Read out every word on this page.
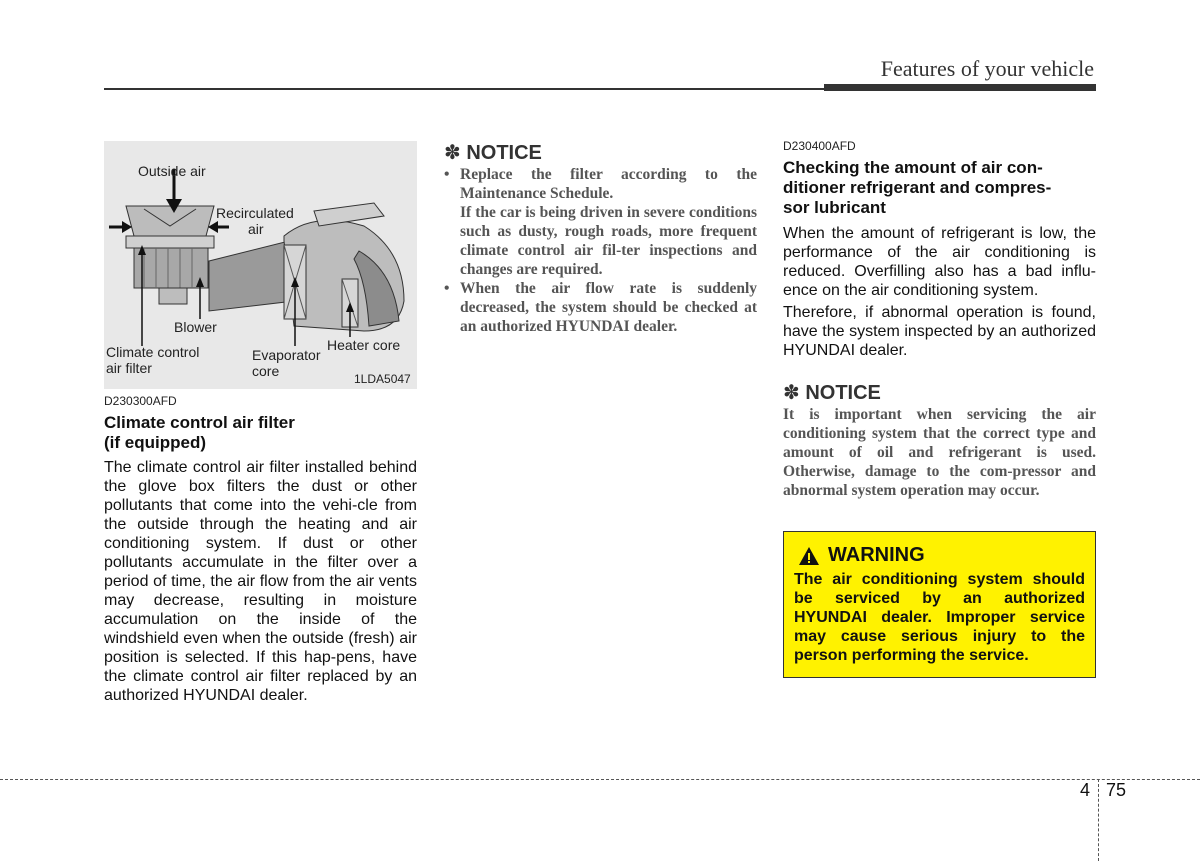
Features of your vehicle
Outside air
Recirculated
air
Blower
Climate control
air filter
Evaporator
core
Heater core
1LDA5047
D230300AFD
Climate control air filter
(if equipped)
The climate control air filter installed behind the glove box filters the dust or other pollutants that come into the vehi-cle from the outside through the heating and air conditioning system. If dust or other pollutants accumulate in the filter over a period of time, the air flow from the air vents may decrease, resulting in moisture accumulation on the inside of the windshield even when the outside (fresh) air position is selected. If this hap-pens, have the climate control air filter replaced by an authorized HYUNDAI dealer.
✽ NOTICE
• Replace the filter according to the Maintenance Schedule.
If the car is being driven in severe conditions such as dusty, rough roads, more frequent climate control air fil-ter inspections and changes are required.
• When the air flow rate is suddenly decreased, the system should be checked at an authorized HYUNDAI dealer.
D230400AFD
Checking the amount of air con-
ditioner refrigerant and compres-
sor lubricant
When the amount of refrigerant is low, the performance of the air conditioning is reduced. Overfilling also has a bad influ-ence on the air conditioning system.
Therefore, if abnormal operation is found, have the system inspected by an authorized HYUNDAI dealer.
✽ NOTICE
It is important when servicing the air conditioning system that the correct type and amount of oil and refrigerant is used. Otherwise, damage to the com-pressor and abnormal system operation may occur.
WARNING
The air conditioning system should be serviced by an authorized HYUNDAI dealer. Improper service may cause serious injury to the person performing the service.
4 75
